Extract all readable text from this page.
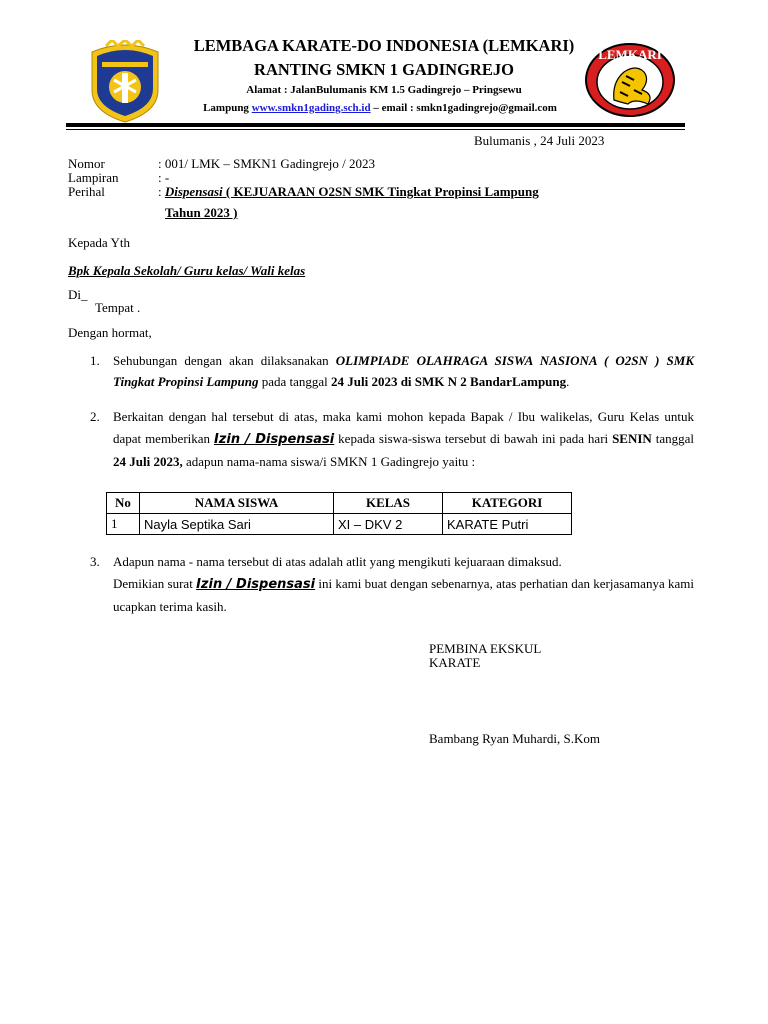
LEMKARI
LEMBAGA KARATE-DO INDONESIA (LEMKARI)
RANTING SMKN 1 GADINGREJO
Alamat : JalanBulumanis KM 1.5 Gadingrejo – Pringsewu
Lampung www.smkn1gading.sch.id – email : smkn1gadingrejo@gmail.com
Bulumanis , 24 Juli 2023
Nomor	: 001/ LMK – SMKN1 Gadingrejo / 2023
Lampiran	: -
Perihal	: Dispensasi ( KEJUARAAN O2SN SMK Tingkat Propinsi Lampung
Tahun 2023 )
Kepada Yth
Bpk Kepala Sekolah/ Guru kelas/ Wali kelas
Di_
Tempat .
Dengan hormat,
1.	Sehubungan dengan akan dilaksanakan OLIMPIADE OLAHRAGA SISWA NASIONA ( O2SN ) SMK Tingkat Propinsi Lampung pada tanggal 24 Juli 2023 di SMK N 2 BandarLampung.
2.	Berkaitan dengan hal tersebut di atas, maka kami mohon kepada Bapak / Ibu walikelas, Guru Kelas untuk dapat memberikan Izin / Dispensasi kepada siswa-siswa tersebut di bawah ini pada hari SENIN tanggal 24 Juli 2023, adapun nama-nama siswa/i SMKN 1 Gadingrejo yaitu :
No	NAMA SISWA	KELAS	KATEGORI
1	Nayla Septika Sari	XI – DKV 2	KARATE Putri
3.	Adapun nama - nama tersebut di atas adalah atlit yang mengikuti kejuaraan dimaksud.
Demikian surat Izin / Dispensasi ini kami buat dengan sebenarnya, atas perhatian dan kerjasamanya kami ucapkan terima kasih.
PEMBINA EKSKUL
KARATE
Bambang Ryan Muhardi, S.Kom
